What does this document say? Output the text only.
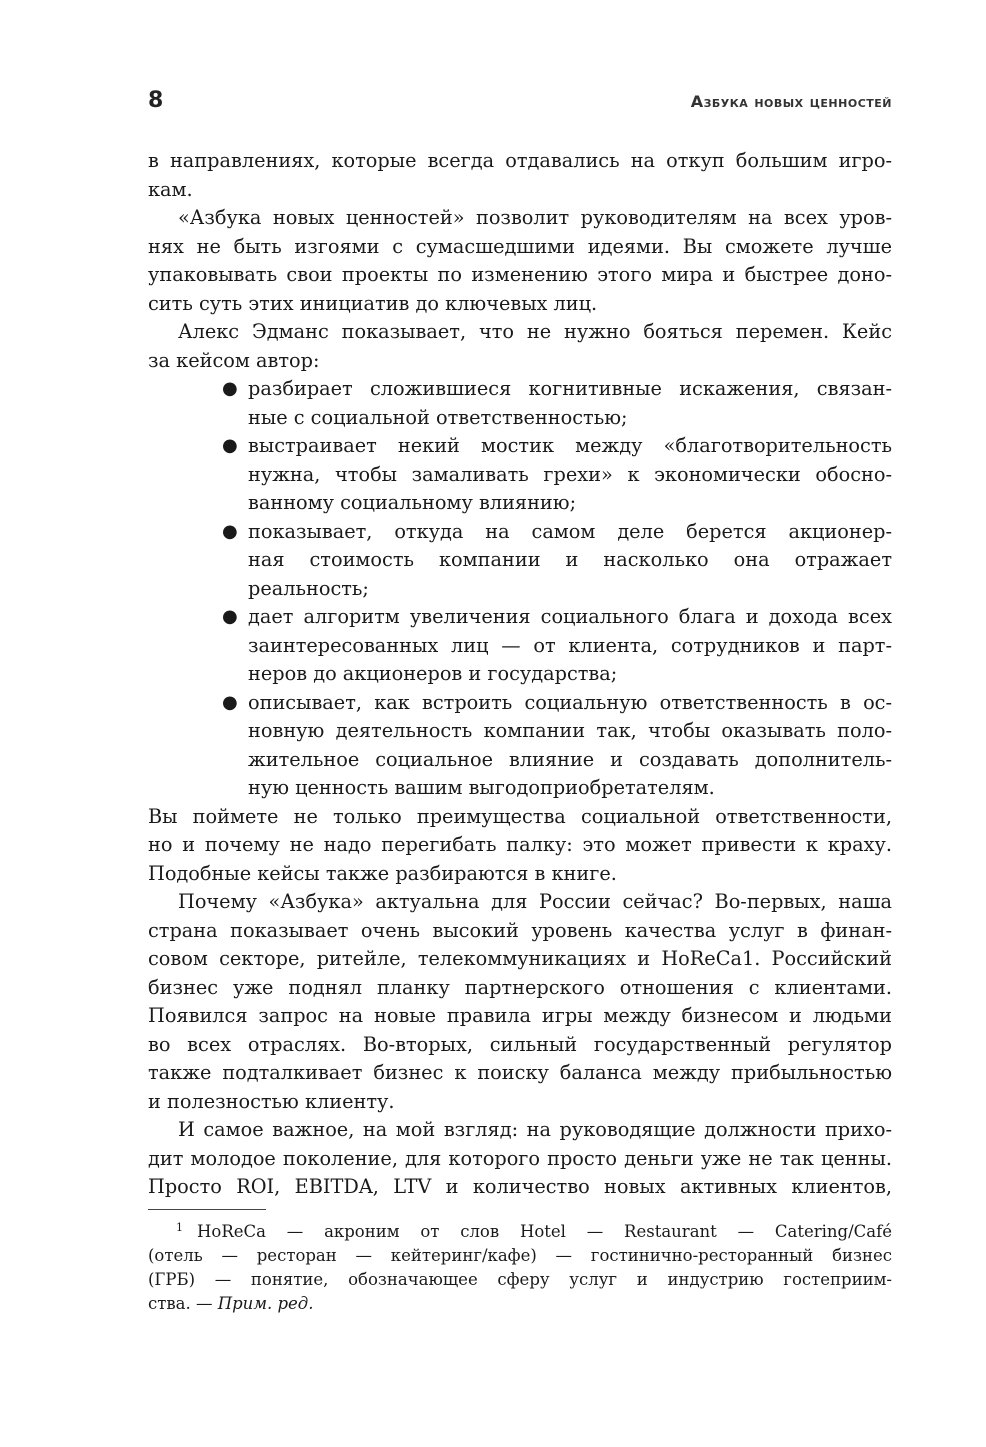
8	Азбука новых ценностей
в направлениях, которые всегда отдавались на откуп большим игро-
кам.
«Азбука новых ценностей» позволит руководителям на всех уров-
нях не быть изгоями с сумасшедшими идеями. Вы сможете лучше
упаковывать свои проекты по изменению этого мира и быстрее доно-
сить суть этих инициатив до ключевых лиц.
Алекс Эдманс показывает, что не нужно бояться перемен. Кейс
за кейсом автор:
● разбирает сложившиеся когнитивные искажения, связан-
ные с социальной ответственностью;
● выстраивает некий мостик между «благотворительность
нужна, чтобы замаливать грехи» к экономически обосно-
ванному социальному влиянию;
● показывает, откуда на самом деле берется акционер-
ная стоимость компании и насколько она отражает
реальность;
● дает алгоритм увеличения социального блага и дохода всех
заинтересованных лиц — от клиента, сотрудников и парт-
неров до акционеров и государства;
● описывает, как встроить социальную ответственность в ос-
новную деятельность компании так, чтобы оказывать поло-
жительное социальное влияние и создавать дополнитель-
ную ценность вашим выгодоприобретателям.
Вы поймете не только преимущества социальной ответственности,
но и почему не надо перегибать палку: это может привести к краху.
Подобные кейсы также разбираются в книге.
Почему «Азбука» актуальна для России сейчас? Во-первых, наша
страна показывает очень высокий уровень качества услуг в финан-
совом секторе, ритейле, телекоммуникациях и HoReCa1. Российский
бизнес уже поднял планку партнерского отношения с клиентами.
Появился запрос на новые правила игры между бизнесом и людьми
во всех отраслях. Во-вторых, сильный государственный регулятор
также подталкивает бизнес к поиску баланса между прибыльностью
и полезностью клиенту.
И самое важное, на мой взгляд: на руководящие должности прихо-
дит молодое поколение, для которого просто деньги уже не так ценны.
Просто ROI, EBITDA, LTV и количество новых активных клиентов,
$^1$ HoReCa — акроним от слов Hotel — Restaurant — Catering/Café
(отель — ресторан — кейтеринг/кафе) — гостинично-ресторанный бизнес
(ГРБ) — понятие, обозначающее сферу услуг и индустрию гостеприим-
ства. — Прим. ред.
